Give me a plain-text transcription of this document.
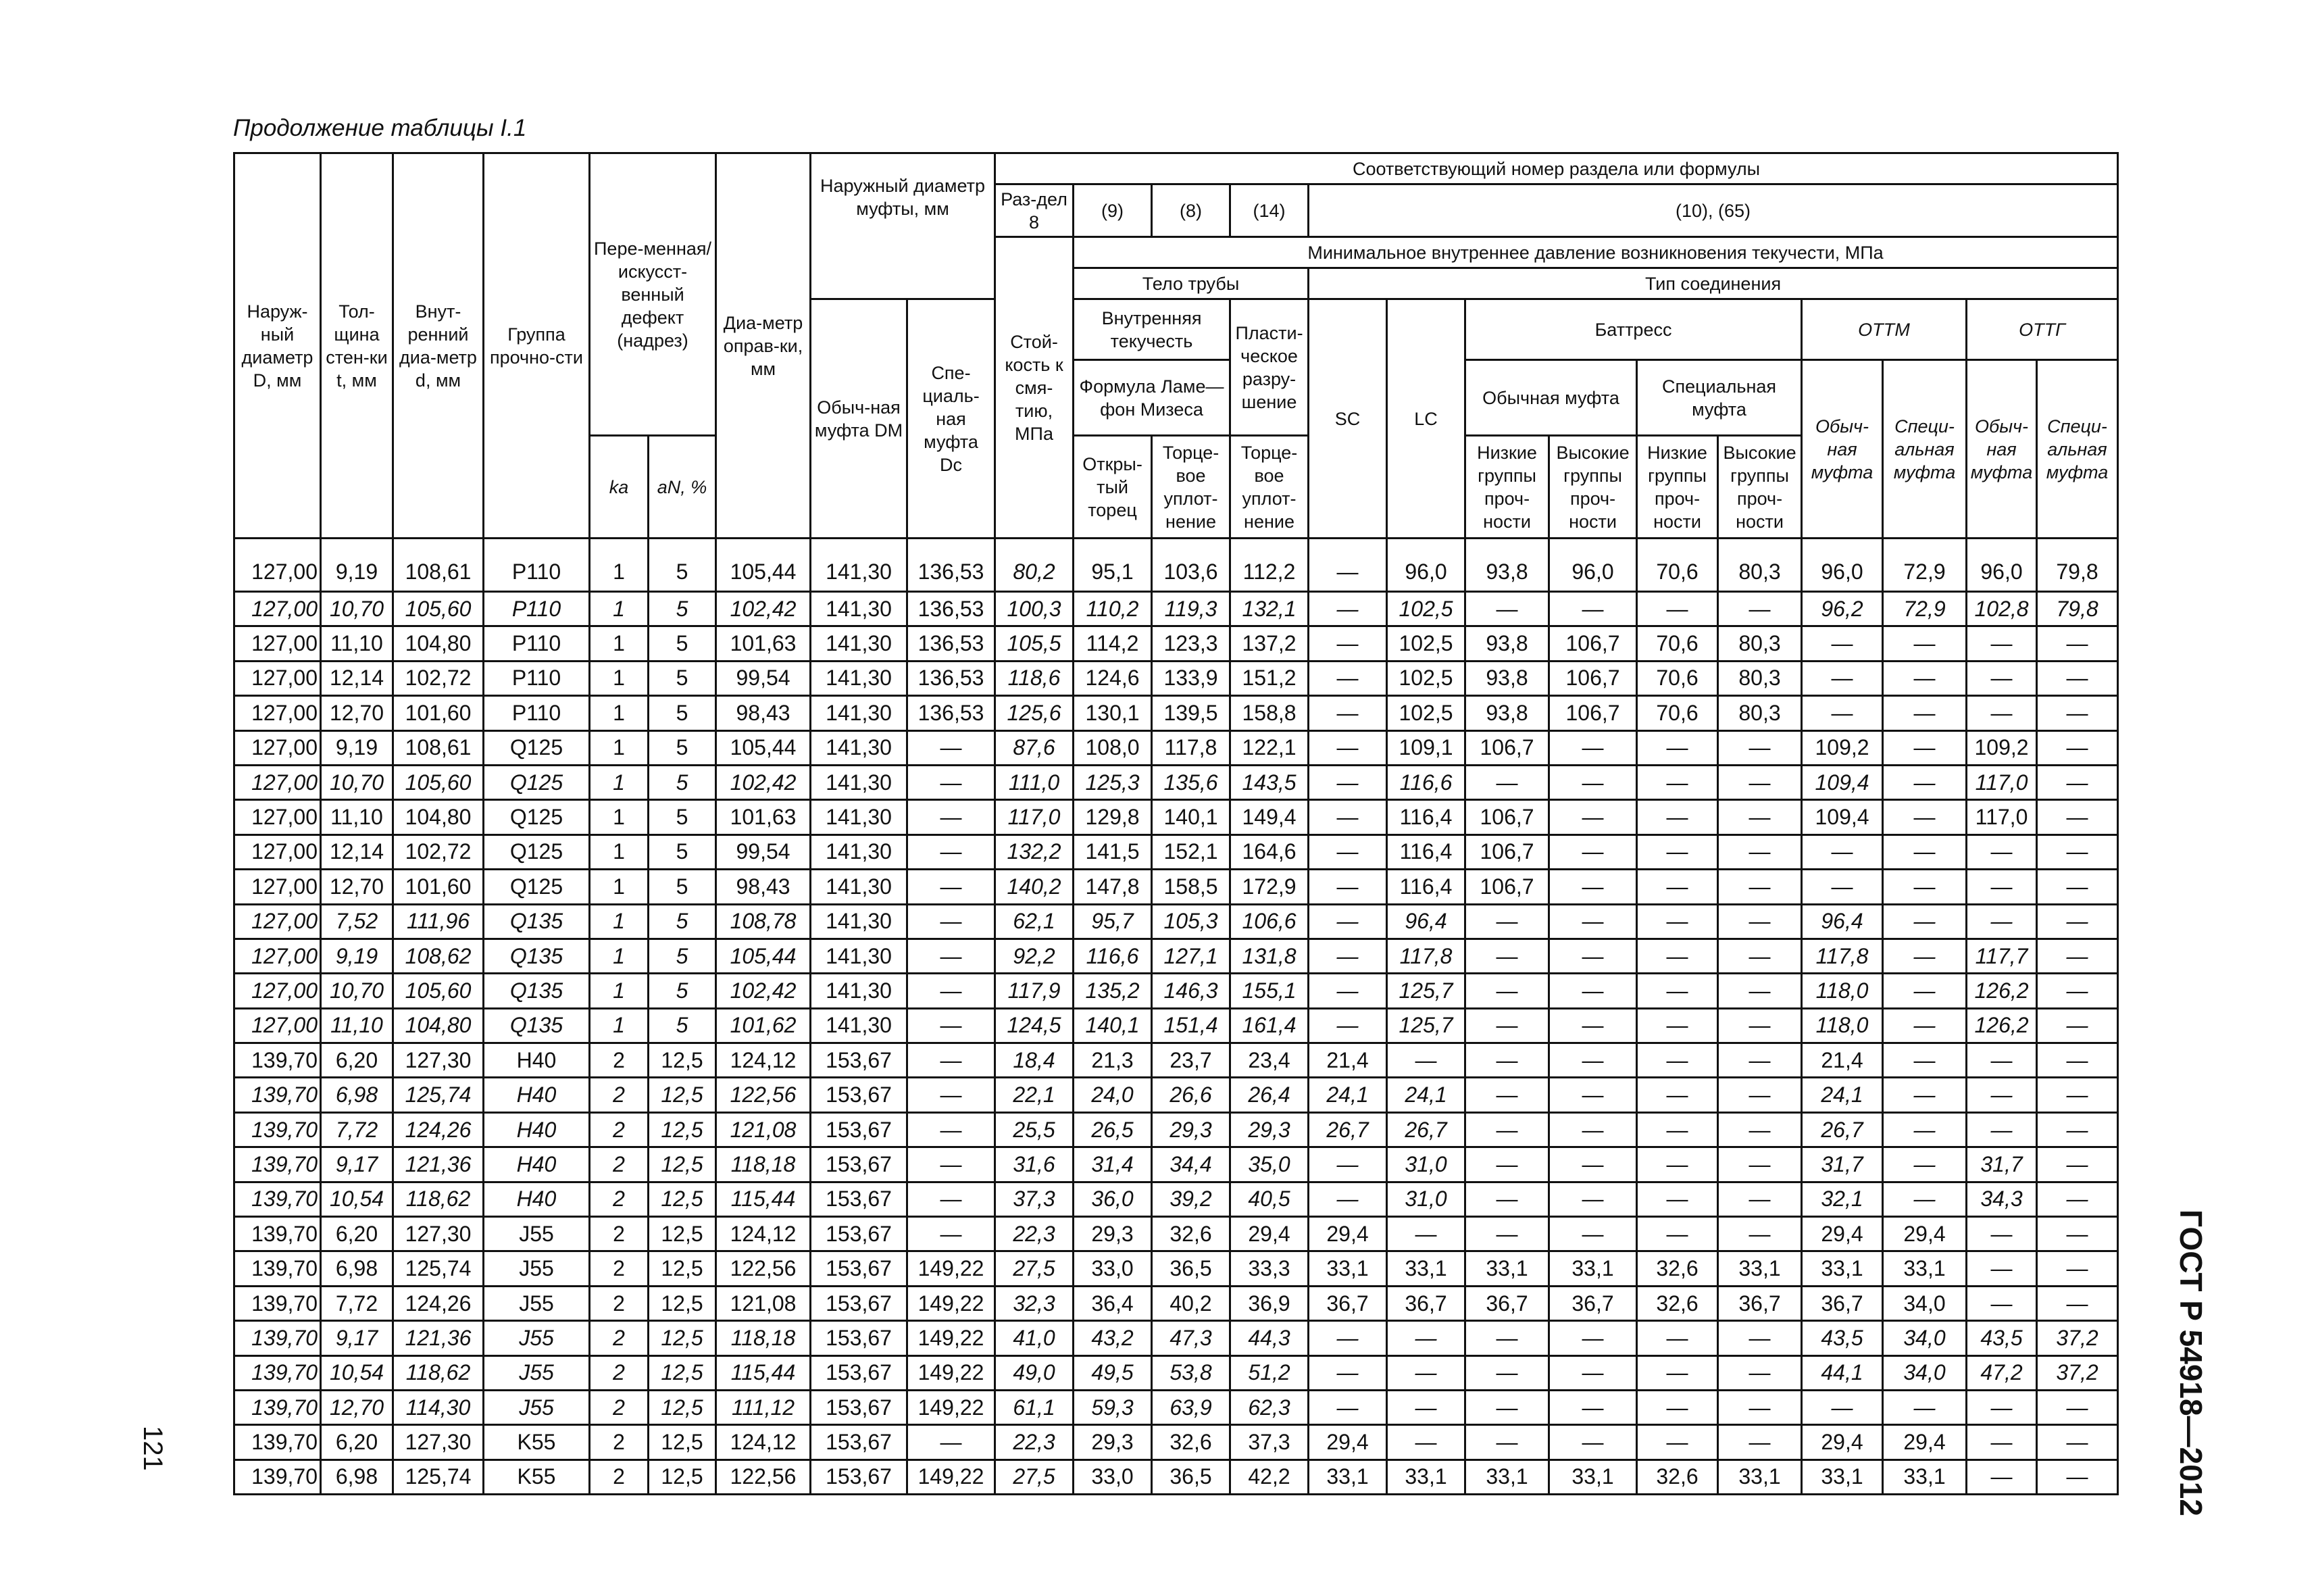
Продолжение таблицы I.1
Наруж-ный диаметр D, мм	Тол-щина стен-ки t, мм	Внут-ренний диа-метр d, мм	Группа прочно-сти	Пере-менная/ искусст-венный дефект (надрез)		Диа-метр оправ-ки, мм	Наружный диаметр муфты, мм		Соответствующий номер раздела или формулы													
									Раз-дел 8	(9)	(8)	(14)	(10), (65)									
									Стой-кость к смя-тию, МПа	Минимальное внутреннее давление возникновения текучести, МПа												
										Тело трубы			Тип соединения									
							Обыч-ная муфта DМ	Спе-циаль-ная муфта Dс		Внутренняя текучесть		Пласти-ческое разру-шение	SC	LC	Баттресс				ОТТМ		ОТТГ	
										Формула Ламе—фон Мизеса					Обычная муфта		Специальная муфта		Обыч-ная муфта	Специ-альная муфта	Обыч-ная муфта	Специ-альная муфта
				ka	aN, %					Откры-тый торец	Торце-вое уплот-нение	Торце-вое уплот-нение			Низкие группы проч-ности	Высокие группы проч-ности	Низкие группы проч-ности	Высокие группы проч-ности				
127,00	9,19	108,61	P110	1	5	105,44	141,30	136,53	80,2	95,1	103,6	112,2	—	96,0	93,8	96,0	70,6	80,3	96,0	72,9	96,0	79,8
127,00	10,70	105,60	P110	1	5	102,42	141,30	136,53	100,3	110,2	119,3	132,1	—	102,5	—	—	—	—	96,2	72,9	102,8	79,8
127,00	11,10	104,80	P110	1	5	101,63	141,30	136,53	105,5	114,2	123,3	137,2	—	102,5	93,8	106,7	70,6	80,3	—	—	—	—
127,00	12,14	102,72	P110	1	5	99,54	141,30	136,53	118,6	124,6	133,9	151,2	—	102,5	93,8	106,7	70,6	80,3	—	—	—	—
127,00	12,70	101,60	P110	1	5	98,43	141,30	136,53	125,6	130,1	139,5	158,8	—	102,5	93,8	106,7	70,6	80,3	—	—	—	—
127,00	9,19	108,61	Q125	1	5	105,44	141,30	—	87,6	108,0	117,8	122,1	—	109,1	106,7	—	—	—	109,2	—	109,2	—
127,00	10,70	105,60	Q125	1	5	102,42	141,30	—	111,0	125,3	135,6	143,5	—	116,6	—	—	—	—	109,4	—	117,0	—
127,00	11,10	104,80	Q125	1	5	101,63	141,30	—	117,0	129,8	140,1	149,4	—	116,4	106,7	—	—	—	109,4	—	117,0	—
127,00	12,14	102,72	Q125	1	5	99,54	141,30	—	132,2	141,5	152,1	164,6	—	116,4	106,7	—	—	—	—	—	—	—
127,00	12,70	101,60	Q125	1	5	98,43	141,30	—	140,2	147,8	158,5	172,9	—	116,4	106,7	—	—	—	—	—	—	—
127,00	7,52	111,96	Q135	1	5	108,78	141,30	—	62,1	95,7	105,3	106,6	—	96,4	—	—	—	—	96,4	—	—	—
127,00	9,19	108,62	Q135	1	5	105,44	141,30	—	92,2	116,6	127,1	131,8	—	117,8	—	—	—	—	117,8	—	117,7	—
127,00	10,70	105,60	Q135	1	5	102,42	141,30	—	117,9	135,2	146,3	155,1	—	125,7	—	—	—	—	118,0	—	126,2	—
127,00	11,10	104,80	Q135	1	5	101,62	141,30	—	124,5	140,1	151,4	161,4	—	125,7	—	—	—	—	118,0	—	126,2	—
139,70	6,20	127,30	H40	2	12,5	124,12	153,67	—	18,4	21,3	23,7	23,4	21,4	—	—	—	—	—	21,4	—	—	—
139,70	6,98	125,74	H40	2	12,5	122,56	153,67	—	22,1	24,0	26,6	26,4	24,1	24,1	—	—	—	—	24,1	—	—	—
139,70	7,72	124,26	H40	2	12,5	121,08	153,67	—	25,5	26,5	29,3	29,3	26,7	26,7	—	—	—	—	26,7	—	—	—
139,70	9,17	121,36	H40	2	12,5	118,18	153,67	—	31,6	31,4	34,4	35,0	—	31,0	—	—	—	—	31,7	—	31,7	—
139,70	10,54	118,62	H40	2	12,5	115,44	153,67	—	37,3	36,0	39,2	40,5	—	31,0	—	—	—	—	32,1	—	34,3	—
139,70	6,20	127,30	J55	2	12,5	124,12	153,67	—	22,3	29,3	32,6	29,4	29,4	—	—	—	—	—	29,4	29,4	—	—
139,70	6,98	125,74	J55	2	12,5	122,56	153,67	149,22	27,5	33,0	36,5	33,3	33,1	33,1	33,1	33,1	32,6	33,1	33,1	33,1	—	—
139,70	7,72	124,26	J55	2	12,5	121,08	153,67	149,22	32,3	36,4	40,2	36,9	36,7	36,7	36,7	36,7	32,6	36,7	36,7	34,0	—	—
139,70	9,17	121,36	J55	2	12,5	118,18	153,67	149,22	41,0	43,2	47,3	44,3	—	—	—	—	—	—	43,5	34,0	43,5	37,2
139,70	10,54	118,62	J55	2	12,5	115,44	153,67	149,22	49,0	49,5	53,8	51,2	—	—	—	—	—	—	44,1	34,0	47,2	37,2
139,70	12,70	114,30	J55	2	12,5	111,12	153,67	149,22	61,1	59,3	63,9	62,3	—	—	—	—	—	—	—	—	—	—
139,70	6,20	127,30	K55	2	12,5	124,12	153,67	—	22,3	29,3	32,6	37,3	29,4	—	—	—	—	—	29,4	29,4	—	—
139,70	6,98	125,74	K55	2	12,5	122,56	153,67	149,22	27,5	33,0	36,5	42,2	33,1	33,1	33,1	33,1	32,6	33,1	33,1	33,1	—	—
121	ГОСТ Р 54918—2012
